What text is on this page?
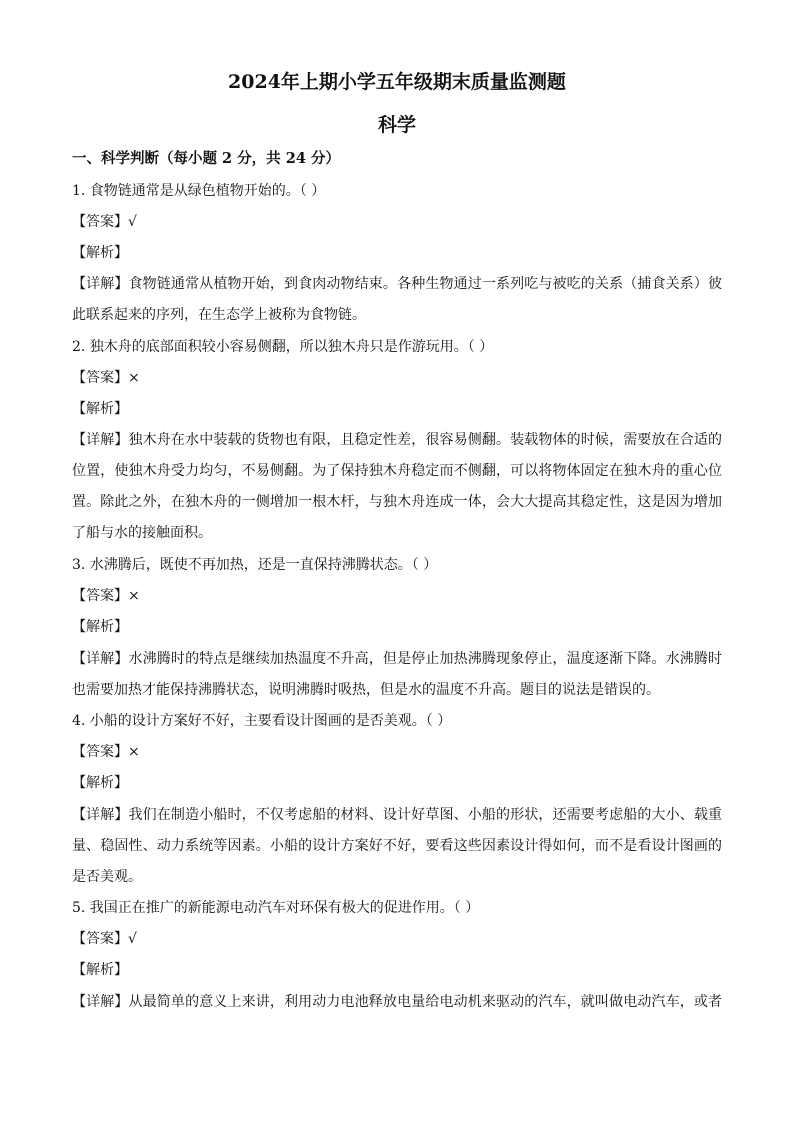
2024年上期小学五年级期末质量监测题
科学
一、科学判断（每小题 2 分，共 24 分）
1. 食物链通常是从绿色植物开始的。（ ）
【答案】√
【解析】
【详解】食物链通常从植物开始，到食肉动物结束。各种生物通过一系列吃与被吃的关系（捕食关系）彼
此联系起来的序列，在生态学上被称为食物链。
2. 独木舟的底部面积较小容易侧翻，所以独木舟只是作游玩用。（ ）
【答案】×
【解析】
【详解】独木舟在水中装载的货物也有限，且稳定性差，很容易侧翻。装载物体的时候，需要放在合适的
位置，使独木舟受力均匀，不易侧翻。为了保持独木舟稳定而不侧翻，可以将物体固定在独木舟的重心位
置。除此之外，在独木舟的一侧增加一根木杆，与独木舟连成一体，会大大提高其稳定性，这是因为增加
了船与水的接触面积。
3. 水沸腾后，既使不再加热，还是一直保持沸腾状态。（ ）
【答案】×
【解析】
【详解】水沸腾时的特点是继续加热温度不升高，但是停止加热沸腾现象停止，温度逐渐下降。水沸腾时
也需要加热才能保持沸腾状态，说明沸腾时吸热，但是水的温度不升高。题目的说法是错误的。
4. 小船的设计方案好不好，主要看设计图画的是否美观。（ ）
【答案】×
【解析】
【详解】我们在制造小船时，不仅考虑船的材料、设计好草图、小船的形状，还需要考虑船的大小、载重
量、稳固性、动力系统等因素。小船的设计方案好不好，要看这些因素设计得如何，而不是看设计图画的
是否美观。
5. 我国正在推广的新能源电动汽车对环保有极大的促进作用。（ ）
【答案】√
【解析】
【详解】从最简单的意义上来讲，利用动力电池释放电量给电动机来驱动的汽车，就叫做电动汽车，或者
